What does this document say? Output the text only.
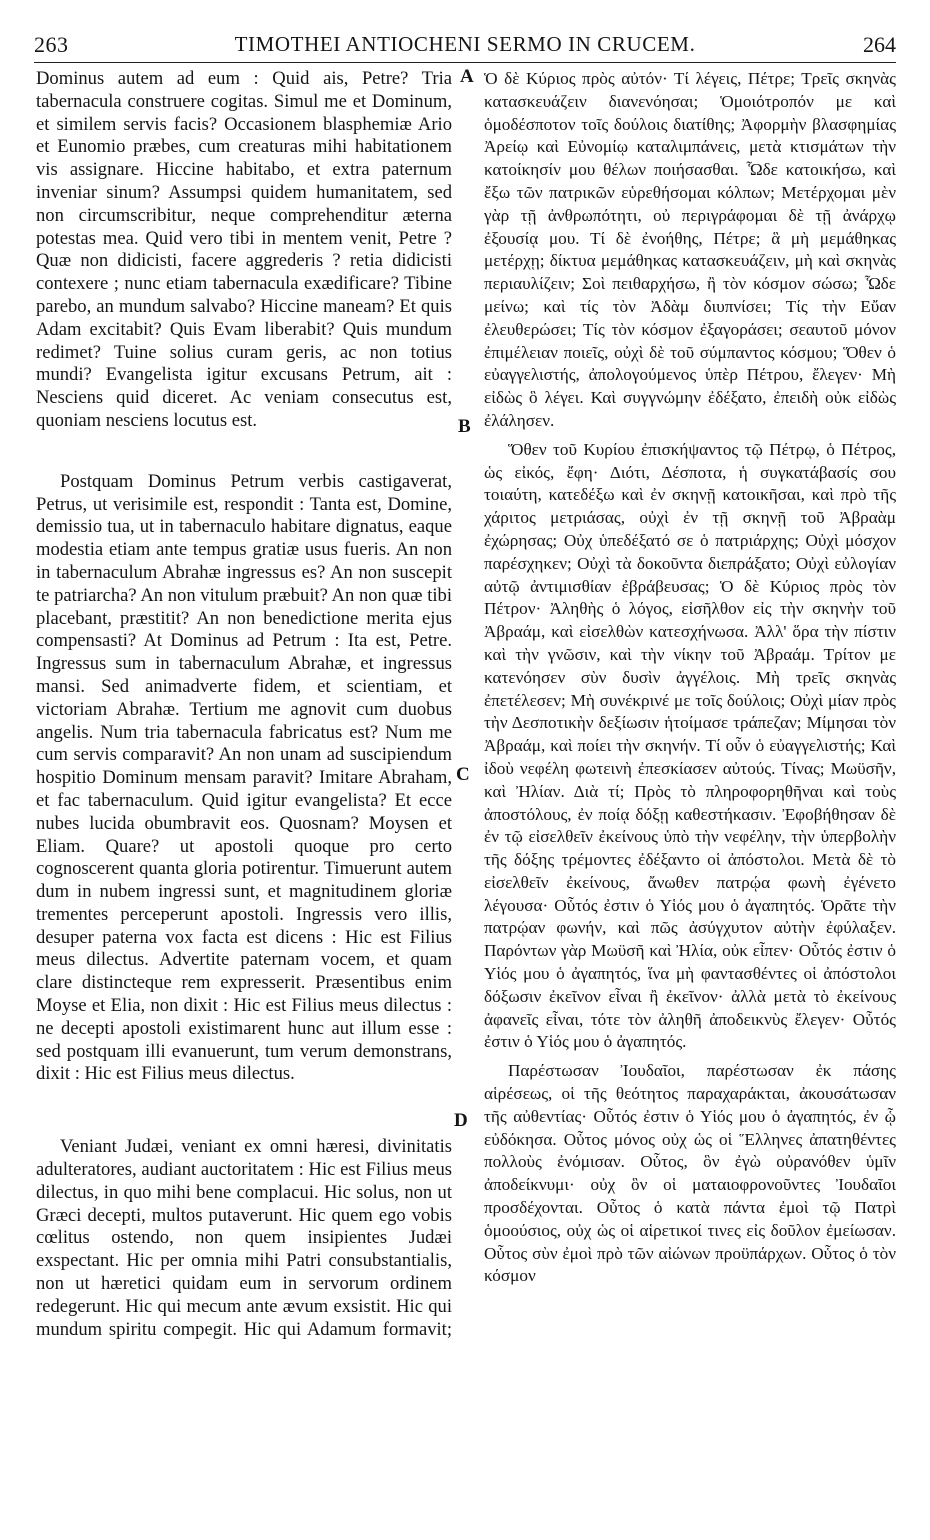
263	TIMOTHEI ANTIOCHENI SERMO IN CRUCEM.	264

Dominus autem ad eum : Quid ais, Petre? Tria tabernacula construere cogitas. Simul me et Dominum, et similem servis facis? Occasionem blasphemiæ Ario et Eunomio præbes, cum creaturas mihi habitationem vis assignare. Hiccine habitabo, et extra paternum inveniar sinum? Assumpsi quidem humanitatem, sed non circumscribitur, neque comprehenditur æterna potestas mea. Quid vero tibi in mentem venit, Petre ? Quæ non didicisti, facere aggrederis ? retia didicisti contexere ; nunc etiam tabernacula exædificare? Tibine parebo, an mundum salvabo? Hiccine maneam? Et quis Adam excitabit? Quis Evam liberabit? Quis mundum redimet? Tuine solius curam geris, ac non totius mundi? Evangelista igitur excusans Petrum, ait : Nesciens quid diceret. Ac veniam consecutus est, quoniam nesciens locutus est.

Postquam Dominus Petrum verbis castigaverat, Petrus, ut verisimile est, respondit : Tanta est, Domine, demissio tua, ut in tabernaculo habitare dignatus, eaque modestia etiam ante tempus gratiæ usus fueris. An non in tabernaculum Abrahæ ingressus es? An non suscepit te patriarcha? An non vitulum præbuit? An non quæ tibi placebant, præstitit? An non benedictione merita ejus compensasti? At Dominus ad Petrum : Ita est, Petre. Ingressus sum in tabernaculum Abrahæ, et ingressus mansi. Sed animadverte fidem, et scientiam, et victoriam Abrahæ. Tertium me agnovit cum duobus angelis. Num tria tabernacula fabricatus est? Num me cum servis comparavit? An non unam ad suscipiendum hospitio Dominum mensam paravit? Imitare Abraham, et fac tabernaculum. Quid igitur evangelista? Et ecce nubes lucida obumbravit eos. Quosnam? Moysen et Eliam. Quare? ut apostoli quoque pro certo cognoscerent quanta gloria potirentur. Timuerunt autem dum in nubem ingressi sunt, et magnitudinem gloriæ trementes perceperunt apostoli. Ingressis vero illis, desuper paterna vox facta est dicens : Hic est Filius meus dilectus. Advertite paternam vocem, et quam clare distincteque rem expresserit. Præsentibus enim Moyse et Elia, non dixit : Hic est Filius meus dilectus : ne decepti apostoli existimarent hunc aut illum esse : sed postquam illi evanuerunt, tum verum demonstrans, dixit : Hic est Filius meus dilectus.

Veniant Judæi, veniant ex omni hæresi, divinitatis adulteratores, audiant auctoritatem : Hic est Filius meus dilectus, in quo mihi bene complacui. Hic solus, non ut Græci decepti, multos putaverunt. Hic quem ego vobis cœlitus ostendo, non quem insipientes Judæi exspectant. Hic per omnia mihi Patri consubstantialis, non ut hæretici quidam eum in servorum ordinem redegerunt. Hic qui mecum ante ævum exsistit. Hic qui mundum spiritu compegit. Hic qui Adamum formavit;

Ὁ δὲ Κύριος πρὸς αὐτόν· Τί λέγεις, Πέτρε; Τρεῖς σκηνὰς κατασκευάζειν διανενόησαι; Ὁμοιότροπόν με καὶ ὁμοδέσποτον τοῖς δούλοις διατίθης; Ἀφορμὴν βλασφημίας Ἀρείῳ καὶ Εὐνομίῳ καταλιμπάνεις, μετὰ κτισμάτων τὴν κατοίκησίν μου θέλων ποιήσασθαι. Ὧδε κατοικήσω, καὶ ἔξω τῶν πατρικῶν εὑρεθήσομαι κόλπων; Μετέρχομαι μὲν γὰρ τῇ ἀνθρωπότητι, οὐ περιγράφομαι δὲ τῇ ἀνάρχῳ ἐξουσίᾳ μου. Τί δὲ ἐνοήθης, Πέτρε; ἃ μὴ μεμάθηκας μετέρχῃ; δίκτυα μεμάθηκας κατασκευάζειν, μὴ καὶ σκηνὰς περιαυλίζειν; Σοὶ πειθαρχήσω, ἢ τὸν κόσμον σώσω; Ὧδε μείνω; καὶ τίς τὸν Ἀδὰμ διυπνίσει; Τίς τὴν Εὔαν ἐλευθερώσει; Τίς τὸν κόσμον ἐξαγοράσει; σεαυτοῦ μόνον ἐπιμέλειαν ποιεῖς, οὐχὶ δὲ τοῦ σύμπαντος κόσμου; Ὅθεν ὁ εὐαγγελιστής, ἀπολογούμενος ὑπὲρ Πέτρου, ἔλεγεν· Μὴ εἰδὼς ὃ λέγει. Καὶ συγγνώμην ἐδέξατο, ἐπειδὴ οὐκ εἰδὼς ἐλάλησεν.

Ὅθεν τοῦ Κυρίου ἐπισκήψαντος τῷ Πέτρῳ, ὁ Πέτρος, ὡς εἰκός, ἔφη· Διότι, Δέσποτα, ἡ συγκατάβασίς σου τοιαύτη, κατεδέξω καὶ ἐν σκηνῇ κατοικῆσαι, καὶ πρὸ τῆς χάριτος μετριάσας, οὐχὶ ἐν τῇ σκηνῇ τοῦ Ἀβραὰμ ἐχώρησας; Οὐχ ὑπεδέξατό σε ὁ πατριάρχης; Οὐχὶ μόσχον παρέσχηκεν; Οὐχὶ τὰ δοκοῦντα διεπράξατο; Οὐχὶ εὐλογίαν αὐτῷ ἀντιμισθίαν ἐβράβευσας; Ὁ δὲ Κύριος πρὸς τὸν Πέτρον· Ἀληθὴς ὁ λόγος, εἰσῆλθον εἰς τὴν σκηνὴν τοῦ Ἀβραάμ, καὶ εἰσελθὼν κατεσχήνωσα. Ἀλλ' ὅρα τὴν πίστιν καὶ τὴν γνῶσιν, καὶ τὴν νίκην τοῦ Ἀβραάμ. Τρίτον με κατενόησεν σὺν δυσὶν ἀγγέλοις. Μὴ τρεῖς σκηνὰς ἐπετέλεσεν; Μὴ συνέκρινέ με τοῖς δούλοις; Οὐχὶ μίαν πρὸς τὴν Δεσποτικὴν δεξίωσιν ἡτοίμασε τράπεζαν; Μίμησαι τὸν Ἀβραάμ, καὶ ποίει τὴν σκηνήν. Τί οὖν ὁ εὐαγγελιστής; Καὶ ἰδοὺ νεφέλη φωτεινὴ ἐπεσκίασεν αὐτούς. Τίνας; Μωϋσῆν, καὶ Ἠλίαν. Διὰ τί; Πρὸς τὸ πληροφορηθῆναι καὶ τοὺς ἀποστόλους, ἐν ποίᾳ δόξῃ καθεστήκασιν. Ἐφοβήθησαν δὲ ἐν τῷ εἰσελθεῖν ἐκείνους ὑπὸ τὴν νεφέλην, τὴν ὑπερβολὴν τῆς δόξης τρέμοντες ἐδέξαντο οἱ ἀπόστολοι. Μετὰ δὲ τὸ εἰσελθεῖν ἐκείνους, ἄνωθεν πατρῴα φωνὴ ἐγένετο λέγουσα· Οὗτός ἐστιν ὁ Υἱός μου ὁ ἀγαπητός. Ὁρᾶτε τὴν πατρῴαν φωνήν, καὶ πῶς ἀσύγχυτον αὐτὴν ἐφύλαξεν. Παρόντων γὰρ Μωϋσῆ καὶ Ἠλία, οὐκ εἶπεν· Οὗτός ἐστιν ὁ Υἱός μου ὁ ἀγαπητός, ἵνα μὴ φαντασθέντες οἱ ἀπόστολοι δόξωσιν ἐκεῖνον εἶναι ἢ ἐκεῖνον· ἀλλὰ μετὰ τὸ ἐκείνους ἀφανεῖς εἶναι, τότε τὸν ἀληθῆ ἀποδεικνὺς ἔλεγεν· Οὗτός ἐστιν ὁ Υἱός μου ὁ ἀγαπητός.

Παρέστωσαν Ἰουδαῖοι, παρέστωσαν ἐκ πάσης αἱρέσεως, οἱ τῆς θεότητος παραχαράκται, ἀκουσάτωσαν τῆς αὐθεντίας· Οὗτός ἐστιν ὁ Υἱός μου ὁ ἀγαπητός, ἐν ᾧ εὐδόκησα. Οὗτος μόνος οὐχ ὡς οἱ Ἕλληνες ἀπατηθέντες πολλοὺς ἐνόμισαν. Οὗτος, ὃν ἐγὼ οὐρανόθεν ὑμῖν ἀποδείκνυμι· οὐχ ὃν οἱ ματαιοφρονοῦντες Ἰουδαῖοι προσδέχονται. Οὗτος ὁ κατὰ πάντα ἐμοὶ τῷ Πατρὶ ὁμοούσιος, οὐχ ὡς οἱ αἱρετικοί τινες εἰς δοῦλον ἐμείωσαν. Οὗτος σὺν ἐμοὶ πρὸ τῶν αἰώνων προϋπάρχων. Οὗτος ὁ τὸν κόσμον

A
B
C
D
